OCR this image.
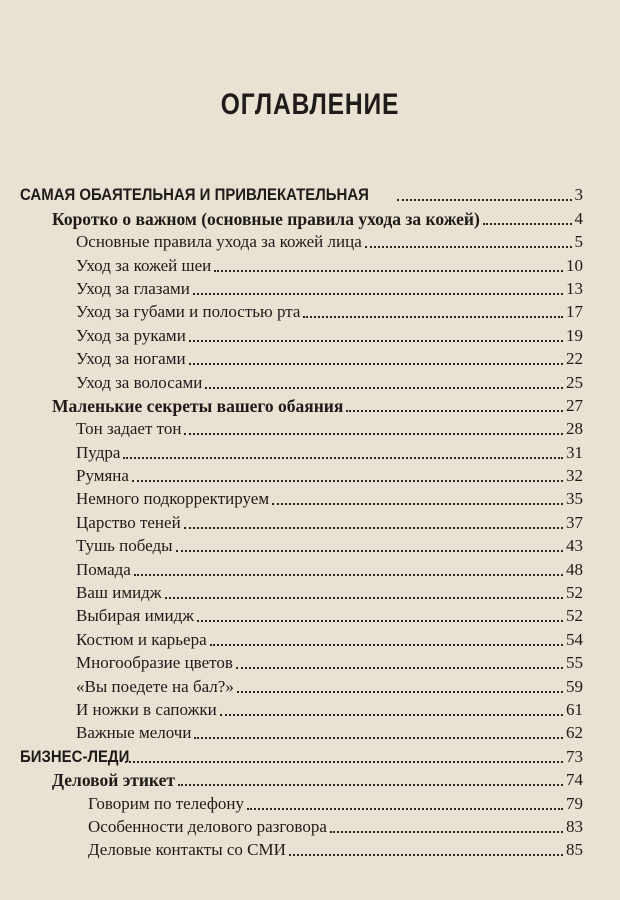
ОГЛАВЛЕНИЕ
САМАЯ ОБАЯТЕЛЬНАЯ И ПРИВЛЕКАТЕЛЬНАЯ	3
Коротко о важном (основные правила ухода за кожей)	4
Основные правила ухода за кожей лица	5
Уход за кожей шеи	10
Уход за глазами	13
Уход за губами и полостью рта	17
Уход за руками	19
Уход за ногами	22
Уход за волосами	25
Маленькие секреты вашего обаяния	27
Тон задает тон	28
Пудра	31
Румяна	32
Немного подкорректируем	35
Царство теней	37
Тушь победы	43
Помада	48
Ваш имидж	52
Выбирая имидж	52
Костюм и карьера	54
Многообразие цветов	55
«Вы поедете на бал?»	59
И ножки в сапожки	61
Важные мелочи	62
БИЗНЕС-ЛЕДИ	73
Деловой этикет	74
Говорим по телефону	79
Особенности делового разговора	83
Деловые контакты со СМИ	85
